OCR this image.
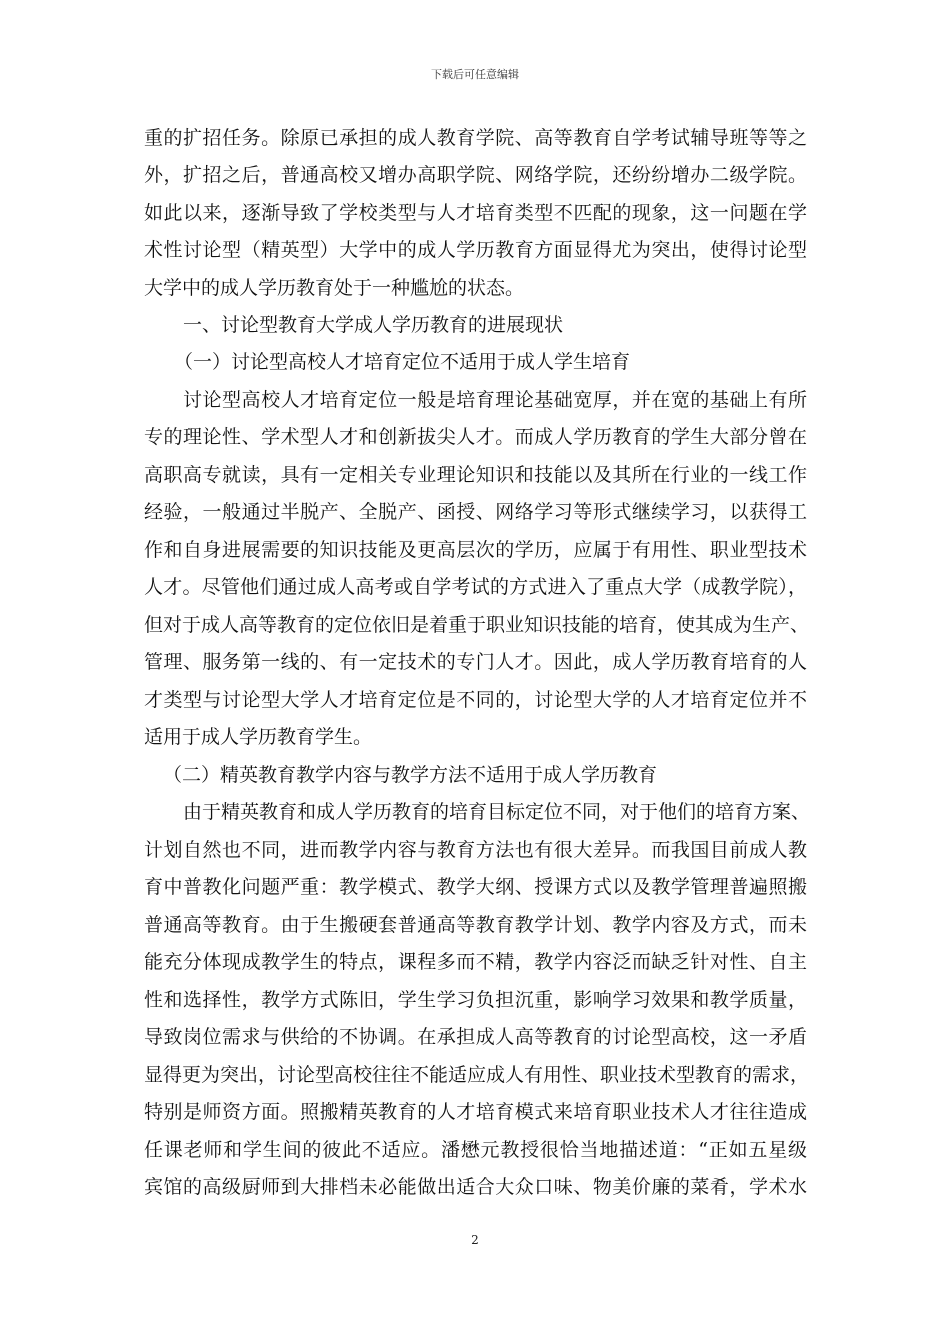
下载后可任意编辑
重的扩招任务。除原已承担的成人教育学院、高等教育自学考试辅导班等等之
外，扩招之后，普通高校又增办高职学院、网络学院，还纷纷增办二级学院。
如此以来，逐渐导致了学校类型与人才培育类型不匹配的现象，这一问题在学
术性讨论型（精英型）大学中的成人学历教育方面显得尤为突出，使得讨论型
大学中的成人学历教育处于一种尴尬的状态。
一、讨论型教育大学成人学历教育的进展现状
（一）讨论型高校人才培育定位不适用于成人学生培育
讨论型高校人才培育定位一般是培育理论基础宽厚，并在宽的基础上有所
专的理论性、学术型人才和创新拔尖人才。而成人学历教育的学生大部分曾在
高职高专就读，具有一定相关专业理论知识和技能以及其所在行业的一线工作
经验，一般通过半脱产、全脱产、函授、网络学习等形式继续学习，以获得工
作和自身进展需要的知识技能及更高层次的学历，应属于有用性、职业型技术
人才。尽管他们通过成人高考或自学考试的方式进入了重点大学（成教学院），
但对于成人高等教育的定位依旧是着重于职业知识技能的培育，使其成为生产、
管理、服务第一线的、有一定技术的专门人才。因此，成人学历教育培育的人
才类型与讨论型大学人才培育定位是不同的，讨论型大学的人才培育定位并不
适用于成人学历教育学生。
（二）精英教育教学内容与教学方法不适用于成人学历教育
由于精英教育和成人学历教育的培育目标定位不同，对于他们的培育方案、
计划自然也不同，进而教学内容与教育方法也有很大差异。而我国目前成人教
育中普教化问题严重：教学模式、教学大纲、授课方式以及教学管理普遍照搬
普通高等教育。由于生搬硬套普通高等教育教学计划、教学内容及方式，而未
能充分体现成教学生的特点，课程多而不精，教学内容泛而缺乏针对性、自主
性和选择性，教学方式陈旧，学生学习负担沉重，影响学习效果和教学质量，
导致岗位需求与供给的不协调。在承担成人高等教育的讨论型高校，这一矛盾
显得更为突出，讨论型高校往往不能适应成人有用性、职业技术型教育的需求，
特别是师资方面。照搬精英教育的人才培育模式来培育职业技术人才往往造成
任课老师和学生间的彼此不适应。潘懋元教授很恰当地描述道：“正如五星级
宾馆的高级厨师到大排档未必能做出适合大众口味、物美价廉的菜肴，学术水
2
